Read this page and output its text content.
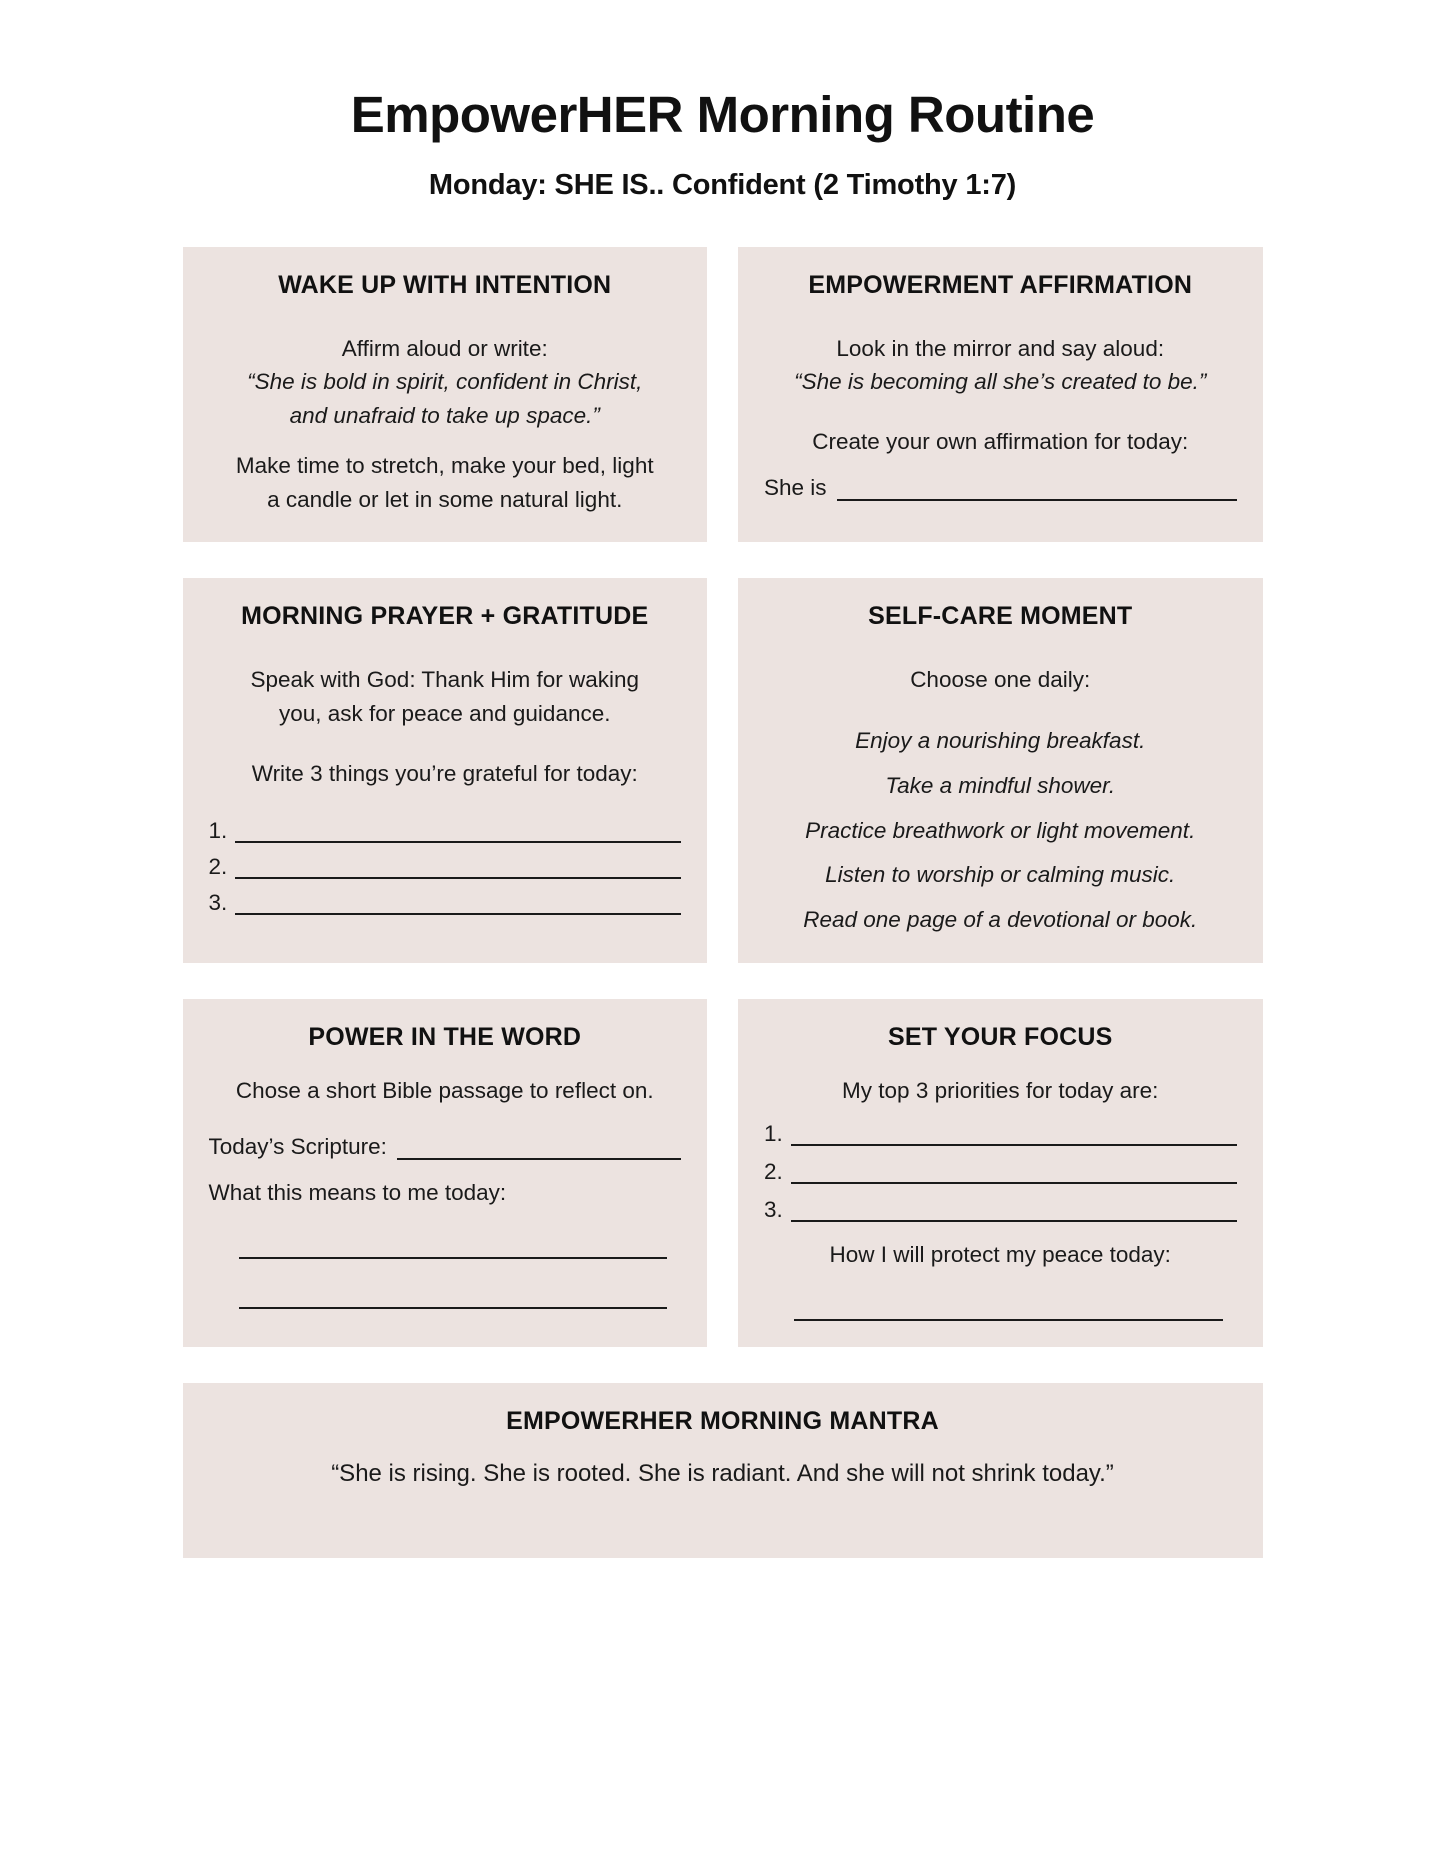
EmpowerHER Morning Routine
Monday: SHE IS.. Confident (2 Timothy 1:7)
WAKE UP WITH INTENTION
Affirm aloud or write:
“She is bold in spirit, confident in Christ,
and unafraid to take up space.”
Make time to stretch, make your bed, light
a candle or let in some natural light.
EMPOWERMENT AFFIRMATION
Look in the mirror and say aloud:
“She is becoming all she’s created to be.”
Create your own affirmation for today:
She is
MORNING PRAYER + GRATITUDE
Speak with God: Thank Him for waking
you, ask for peace and guidance.
Write 3 things you’re grateful for today:
1.
2.
3.
SELF-CARE MOMENT
Choose one daily:
Enjoy a nourishing breakfast.
Take a mindful shower.
Practice breathwork or light movement.
Listen to worship or calming music.
Read one page of a devotional or book.
POWER IN THE WORD
Chose a short Bible passage to reflect on.
Today’s Scripture:
What this means to me today:
SET YOUR FOCUS
My top 3 priorities for today are:
1.
2.
3.
How I will protect my peace today:
EMPOWERHER MORNING MANTRA
“She is rising. She is rooted. She is radiant. And she will not shrink today.”
